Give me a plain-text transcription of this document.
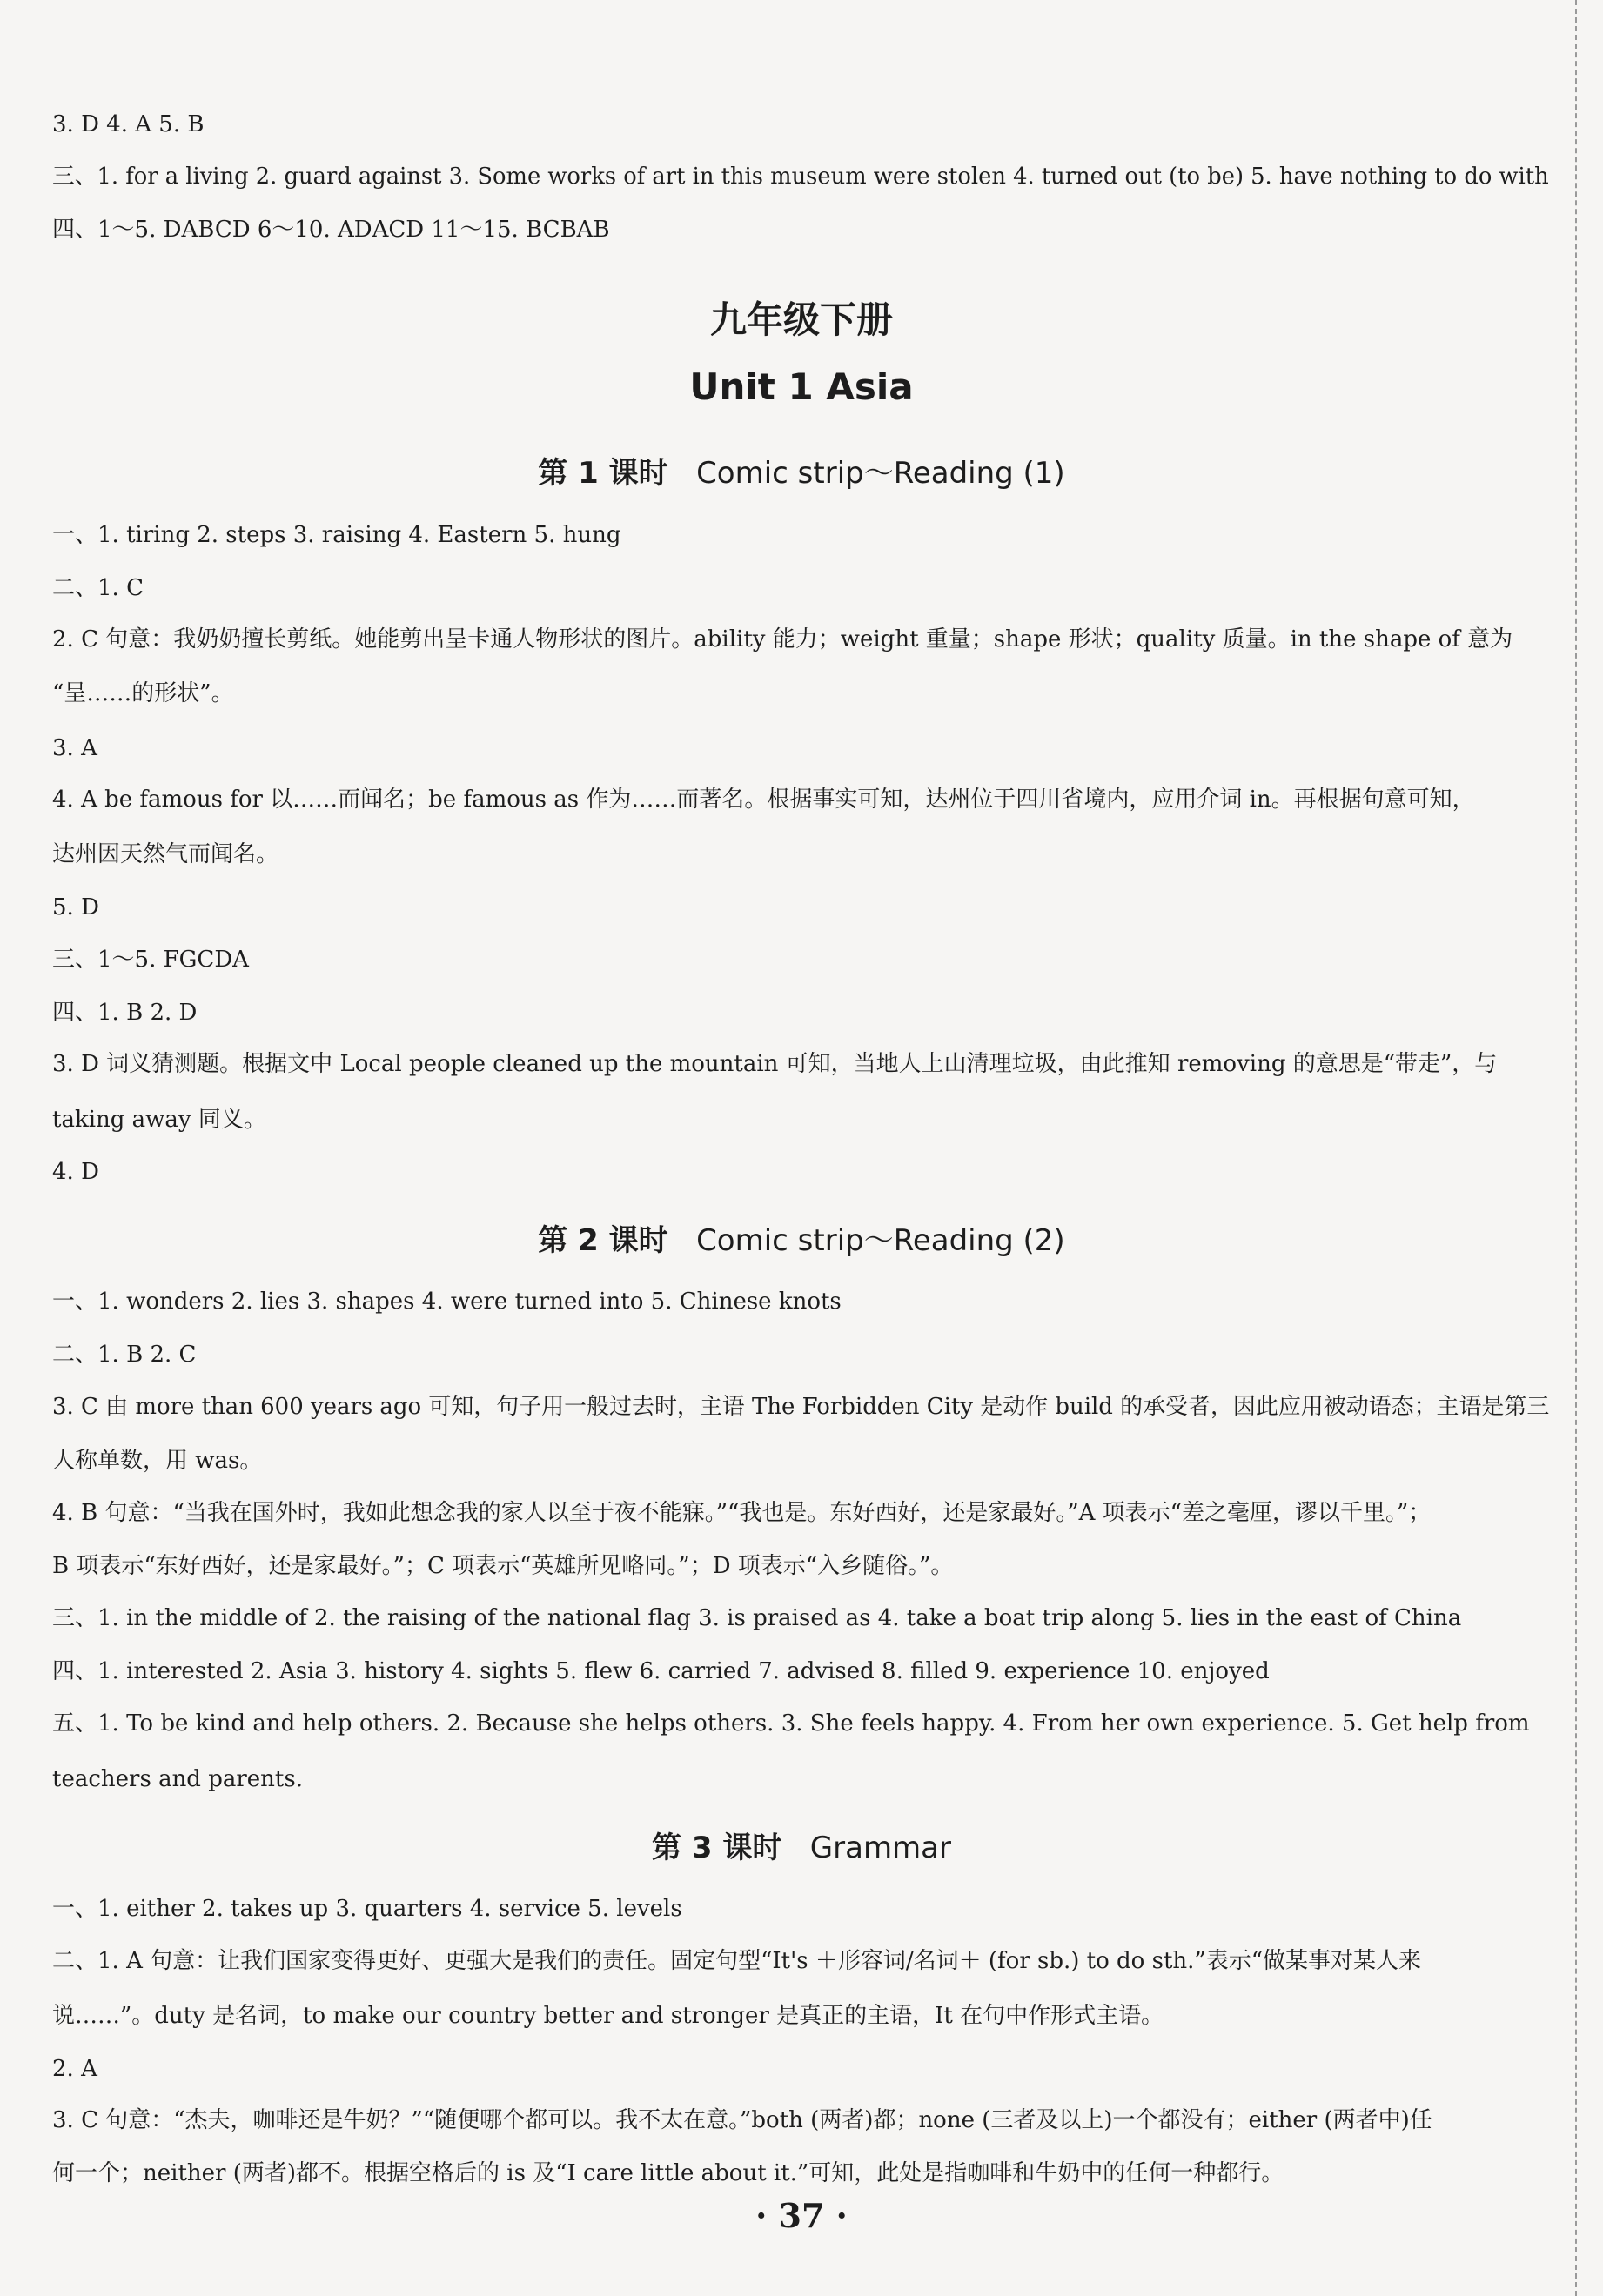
3. D 4. A 5. B
三、1. for a living 2. guard against 3. Some works of art in this museum were stolen 4. turned out (to be) 5. have nothing to do with
四、1～5. DABCD 6～10. ADACD 11～15. BCBAB
九年级下册
Unit 1 Asia
第 1 课时 Comic strip～Reading (1)
一、1. tiring 2. steps 3. raising 4. Eastern 5. hung
二、1. C
2. C 句意：我奶奶擅长剪纸。她能剪出呈卡通人物形状的图片。ability 能力；weight 重量；shape 形状；quality 质量。in the shape of 意为
“呈……的形状”。
3. A
4. A be famous for 以……而闻名；be famous as 作为……而著名。根据事实可知，达州位于四川省境内，应用介词 in。再根据句意可知，
达州因天然气而闻名。
5. D
三、1～5. FGCDA
四、1. B 2. D
3. D 词义猜测题。根据文中 Local people cleaned up the mountain 可知，当地人上山清理垃圾，由此推知 removing 的意思是“带走”，与
taking away 同义。
4. D
第 2 课时 Comic strip～Reading (2)
一、1. wonders 2. lies 3. shapes 4. were turned into 5. Chinese knots
二、1. B 2. C
3. C 由 more than 600 years ago 可知，句子用一般过去时，主语 The Forbidden City 是动作 build 的承受者，因此应用被动语态；主语是第三
人称单数，用 was。
4. B 句意：“当我在国外时，我如此想念我的家人以至于夜不能寐。”“我也是。东好西好，还是家最好。”A 项表示“差之毫厘，谬以千里。”；
B 项表示“东好西好，还是家最好。”；C 项表示“英雄所见略同。”；D 项表示“入乡随俗。”。
三、1. in the middle of 2. the raising of the national flag 3. is praised as 4. take a boat trip along 5. lies in the east of China
四、1. interested 2. Asia 3. history 4. sights 5. flew 6. carried 7. advised 8. filled 9. experience 10. enjoyed
五、1. To be kind and help others. 2. Because she helps others. 3. She feels happy. 4. From her own experience. 5. Get help from
teachers and parents.
第 3 课时 Grammar
一、1. either 2. takes up 3. quarters 4. service 5. levels
二、1. A 句意：让我们国家变得更好、更强大是我们的责任。固定句型“It's ＋形容词/名词＋ (for sb.) to do sth.”表示“做某事对某人来
说……”。duty 是名词，to make our country better and stronger 是真正的主语，It 在句中作形式主语。
2. A
3. C 句意：“杰夫，咖啡还是牛奶？”“随便哪个都可以。我不太在意。”both (两者)都；none (三者及以上)一个都没有；either (两者中)任
何一个；neither (两者)都不。根据空格后的 is 及“I care little about it.”可知，此处是指咖啡和牛奶中的任何一种都行。
· 37 ·
